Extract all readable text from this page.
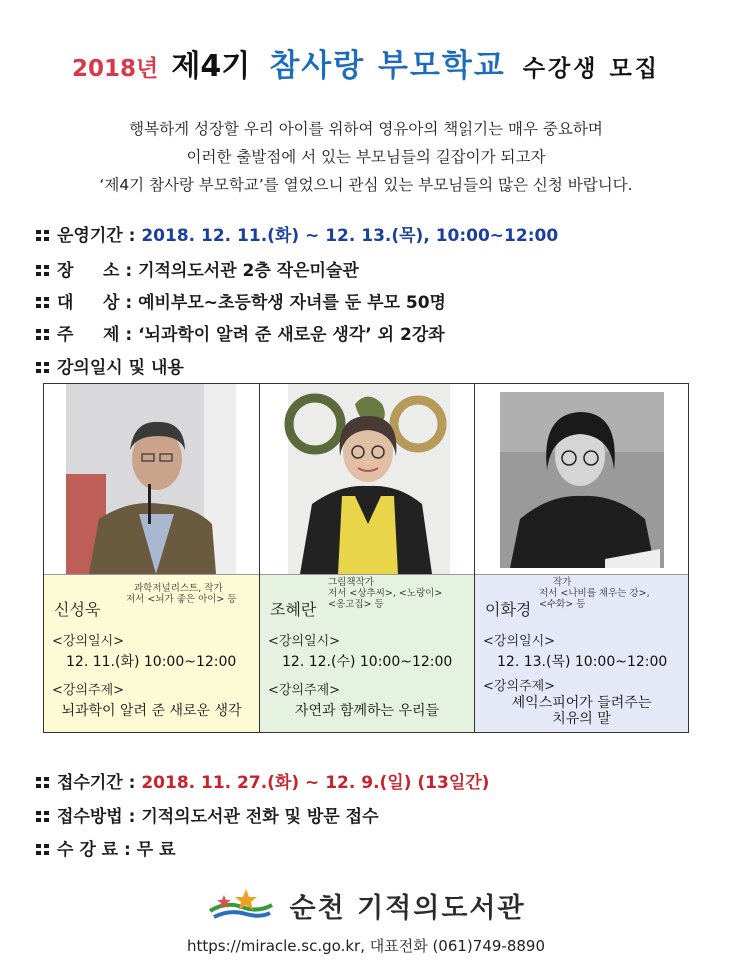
2018년 제4기 참사랑 부모학교 수강생 모집
행복하게 성장할 우리 아이를 위하여 영유아의 책읽기는 매우 중요하며
이러한 출발점에 서 있는 부모님들의 길잡이가 되고자
‘제4기 참사랑 부모학교’를 열었으니 관심 있는 부모님들의 많은 신청 바랍니다.
운영기간 : 2018. 12. 11.(화) ~ 12. 13.(목), 10:00~12:00
장     소 : 기적의도서관 2층 작은미술관
대     상 : 예비부모~초등학생 자녀를 둔 부모 50명
주     제 : ‘뇌과학이 알려 준 새로운 생각’ 외 2강좌
강의일시 및 내용
신성욱
과학저널리스트, 작가
저서 <뇌가 좋은 아이> 등
<강의일시>
12. 11.(화) 10:00~12:00
<강의주제>
뇌과학이 알려 준 새로운 생각
조혜란
그림책작가
저서 <상추씨>, <노랑이>
<옹고집> 등
<강의일시>
12. 12.(수) 10:00~12:00
<강의주제>
자연과 함께하는 우리들
이화경
작가
저서 <나비를 채우는 강>,
<수화> 등
<강의일시>
12. 13.(목) 10:00~12:00
<강의주제>
셰익스피어가 들려주는
치유의 말
접수기간 : 2018. 11. 27.(화) ~ 12. 9.(일) (13일간)
접수방법 : 기적의도서관 전화 및 방문 접수
수 강 료 : 무 료
순천 기적의도서관
https://miracle.sc.go.kr, 대표전화 (061)749-8890
